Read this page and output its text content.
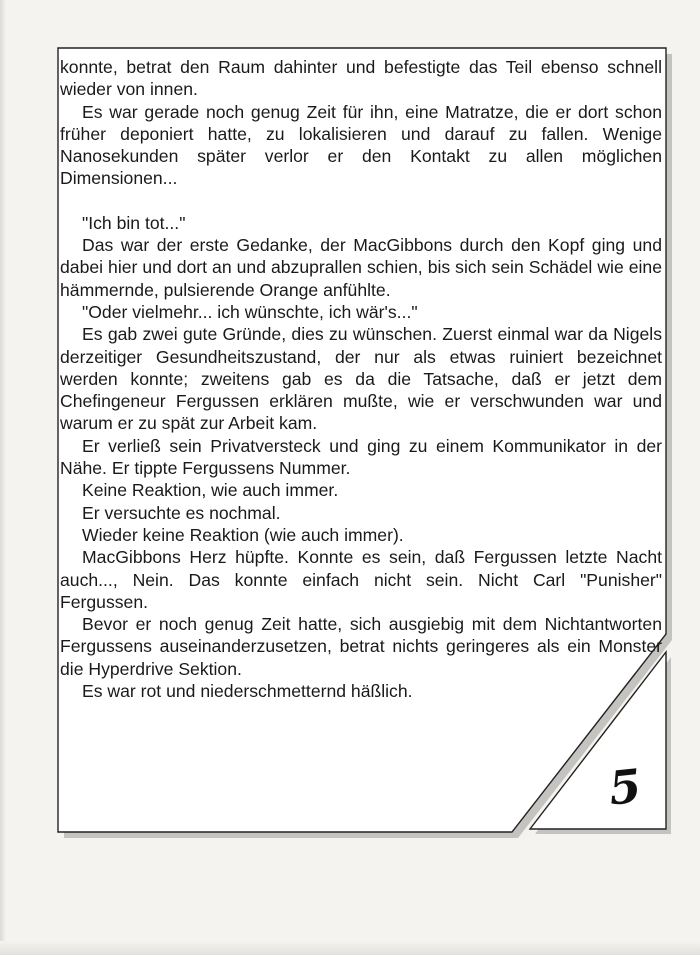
konnte, betrat den Raum dahinter und befestigte das Teil ebenso schnell wieder von innen.

Es war gerade noch genug Zeit für ihn, eine Matratze, die er dort schon früher deponiert hatte, zu lokalisieren und darauf zu fallen. Wenige Nanosekunden später verlor er den Kontakt zu allen möglichen Dimensionen...

"Ich bin tot..."

Das war der erste Gedanke, der MacGibbons durch den Kopf ging und dabei hier und dort an und abzuprallen schien, bis sich sein Schädel wie eine hämmernde, pulsierende Orange anfühlte.

"Oder vielmehr... ich wünschte, ich wär's..."

Es gab zwei gute Gründe, dies zu wünschen. Zuerst einmal war da Nigels derzeitiger Gesundheitszustand, der nur als etwas ruiniert bezeichnet werden konnte; zweitens gab es da die Tatsache, daß er jetzt dem Chefingeneur Fergussen erklären mußte, wie er verschwunden war und warum er zu spät zur Arbeit kam.

Er verließ sein Privatversteck und ging zu einem Kommunikator in der Nähe. Er tippte Fergussens Nummer.

Keine Reaktion, wie auch immer.

Er versuchte es nochmal.

Wieder keine Reaktion (wie auch immer).

MacGibbons Herz hüpfte. Konnte es sein, daß Fergussen letzte Nacht auch..., Nein. Das konnte einfach nicht sein. Nicht Carl "Punisher" Fergussen.

Bevor er noch genug Zeit hatte, sich ausgiebig mit dem Nichtantworten Fergussens auseinanderzusetzen, betrat nichts geringeres als ein Monster die Hyperdrive Sektion.

Es war rot und niederschmetternd häßlich.

5
